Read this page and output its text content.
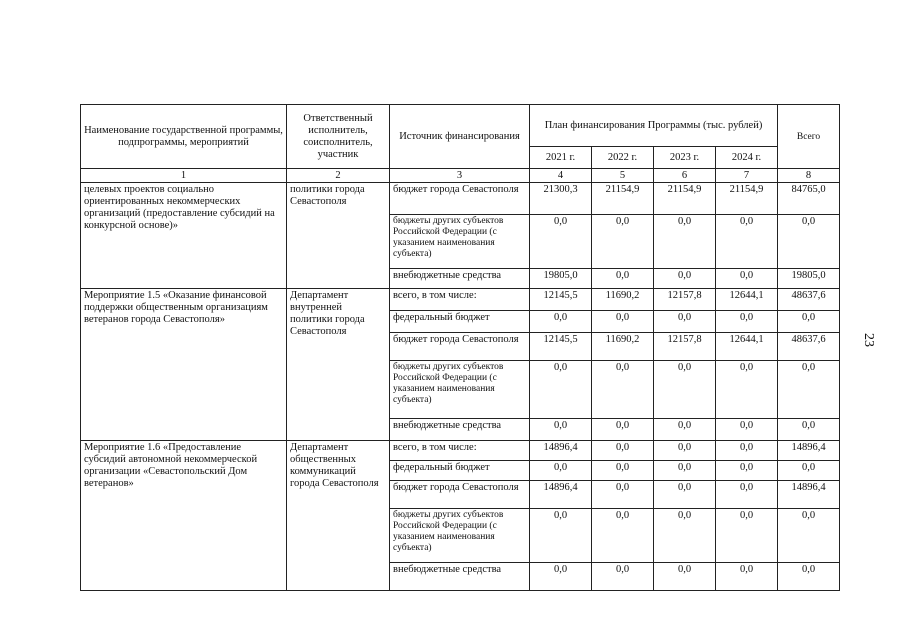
Наименование государственной программы, подпрограммы, мероприятий	Ответственный исполнитель, соисполнитель, участник	Источник финансирования	План финансирования Программы (тыс. рублей)				Всего
			2021 г.	2022 г.	2023 г.	2024 г.	
1	2	3	4	5	6	7	8
целевых проектов социально ориентированных некоммерческих организаций (предоставление субсидий на конкурсной основе)»	политики города Севастополя	бюджет города Севастополя	21300,3	21154,9	21154,9	21154,9	84765,0
		бюджеты других субъектов Российской Федерации (с указанием наименования субъекта)	0,0	0,0	0,0	0,0	0,0
		внебюджетные средства	19805,0	0,0	0,0	0,0	19805,0
Мероприятие 1.5 «Оказание финансовой поддержки общественным организациям ветеранов города Севастополя»	Департамент внутренней политики города Севастополя	всего, в том числе:	12145,5	11690,2	12157,8	12644,1	48637,6
		федеральный бюджет	0,0	0,0	0,0	0,0	0,0
		бюджет города Севастополя	12145,5	11690,2	12157,8	12644,1	48637,6
		бюджеты других субъектов Российской Федерации (с указанием наименования субъекта)	0,0	0,0	0,0	0,0	0,0
		внебюджетные средства	0,0	0,0	0,0	0,0	0,0
Мероприятие 1.6 «Предоставление субсидий автономной некоммерческой организации «Севастопольский Дом ветеранов»	Департамент общественных коммуникаций города Севастополя	всего, в том числе:	14896,4	0,0	0,0	0,0	14896,4
		федеральный бюджет	0,0	0,0	0,0	0,0	0,0
		бюджет города Севастополя	14896,4	0,0	0,0	0,0	14896,4
		бюджеты других субъектов Российской Федерации (с указанием наименования субъекта)	0,0	0,0	0,0	0,0	0,0
		внебюджетные средства	0,0	0,0	0,0	0,0	0,0
23
